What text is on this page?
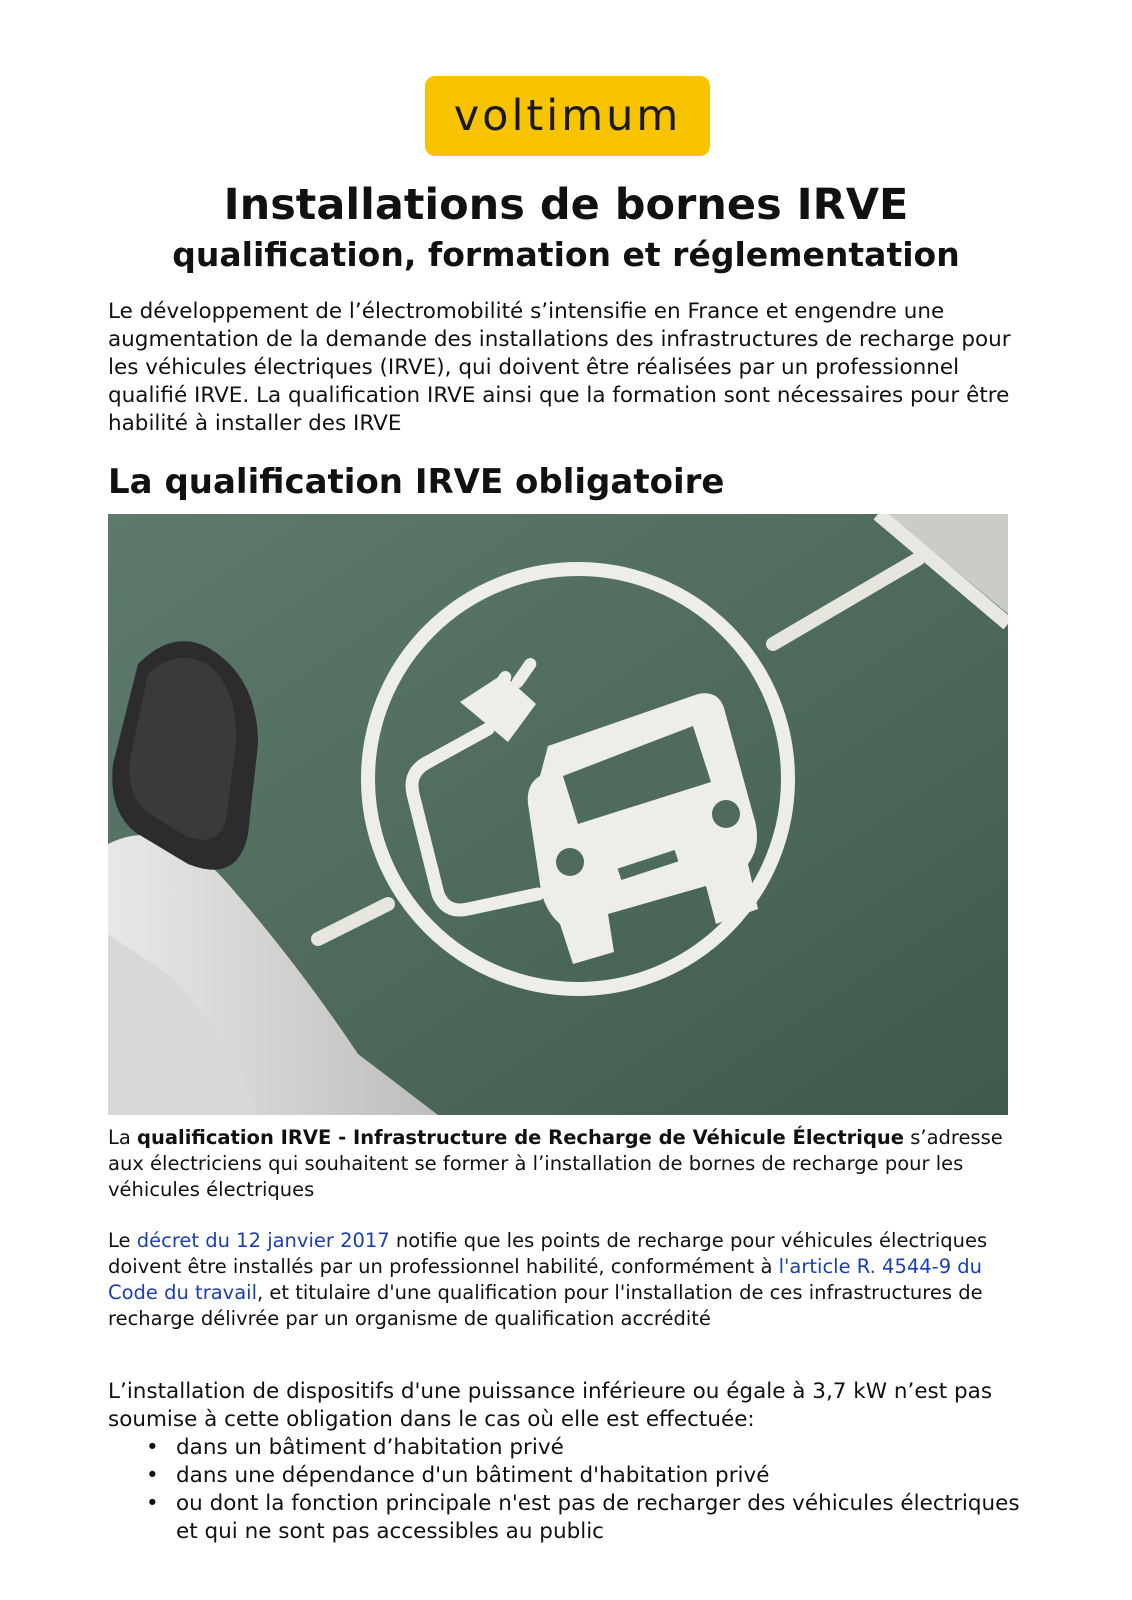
voltimum
Installations de bornes IRVE
qualification, formation et réglementation

Le développement de l’électromobilité s’intensifie en France et engendre une augmentation de la demande des installations des infrastructures de recharge pour les véhicules électriques (IRVE), qui doivent être réalisées par un professionnel qualifié IRVE. La qualification IRVE ainsi que la formation sont nécessaires pour être habilité à installer des IRVE

La qualification IRVE obligatoire

La qualification IRVE - Infrastructure de Recharge de Véhicule Électrique s’adresse aux électriciens qui souhaitent se former à l’installation de bornes de recharge pour les véhicules électriques

Le décret du 12 janvier 2017 notifie que les points de recharge pour véhicules électriques doivent être installés par un professionnel habilité, conformément à l'article R. 4544-9 du Code du travail, et titulaire d'une qualification pour l'installation de ces infrastructures de recharge délivrée par un organisme de qualification accrédité

L’installation de dispositifs d'une puissance inférieure ou égale à 3,7 kW n’est pas soumise à cette obligation dans le cas où elle est effectuée:

• dans un bâtiment d’habitation privé
• dans une dépendance d'un bâtiment d'habitation privé
• ou dont la fonction principale n'est pas de recharger des véhicules électriques et qui ne sont pas accessibles au public
